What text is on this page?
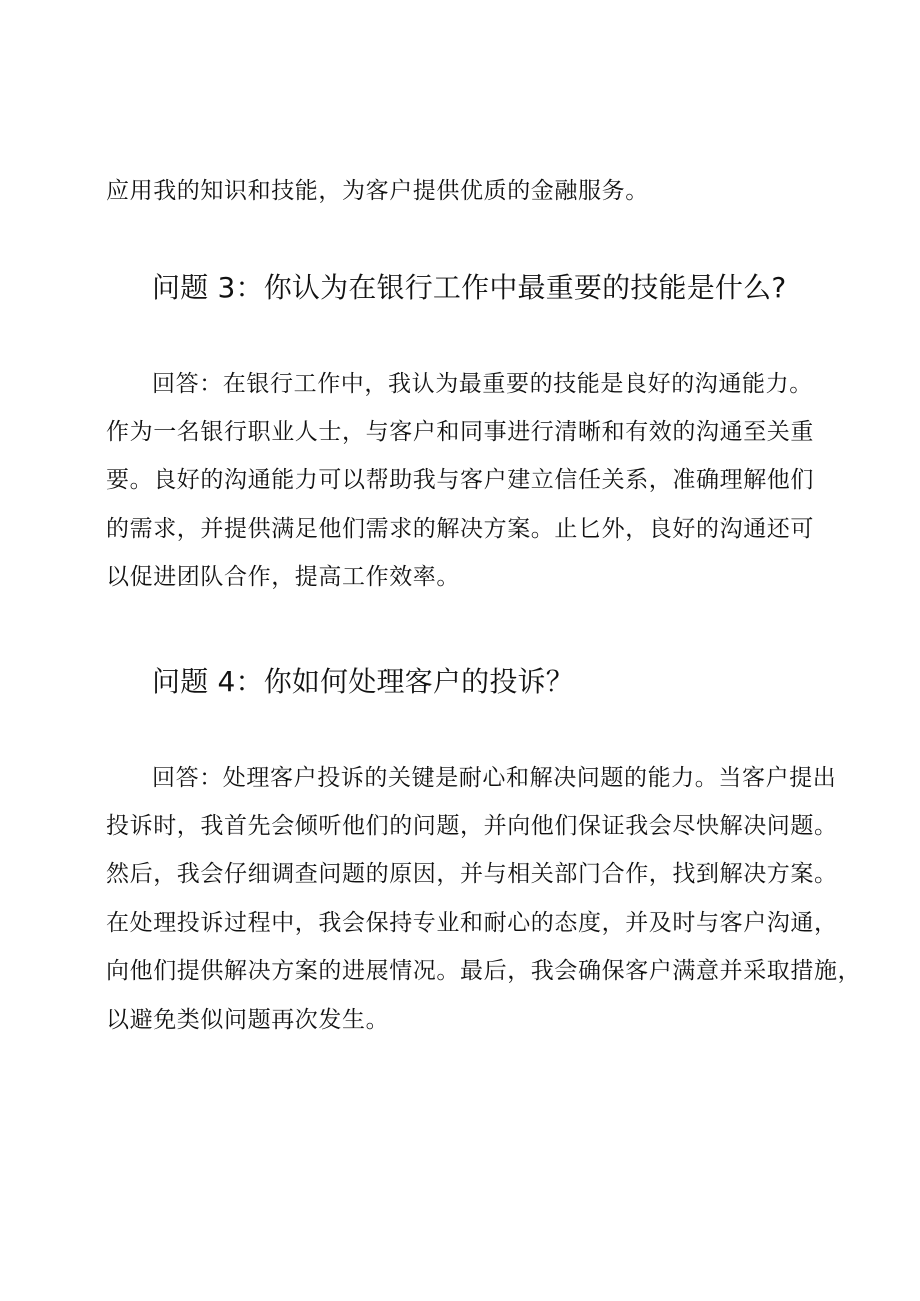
应用我的知识和技能，为客户提供优质的金融服务。
问题 3：你认为在银行工作中最重要的技能是什么?
回答：在银行工作中，我认为最重要的技能是良好的沟通能力。
作为一名银行职业人士，与客户和同事进行清晰和有效的沟通至关重
要。良好的沟通能力可以帮助我与客户建立信任关系，准确理解他们
的需求，并提供满足他们需求的解决方案。止匕外，良好的沟通还可
以促进团队合作，提高工作效率。
问题 4：你如何处理客户的投诉？
回答：处理客户投诉的关键是耐心和解决问题的能力。当客户提出
投诉时，我首先会倾听他们的问题，并向他们保证我会尽快解决问题。
然后，我会仔细调查问题的原因，并与相关部门合作，找到解决方案。
在处理投诉过程中，我会保持专业和耐心的态度，并及时与客户沟通，
向他们提供解决方案的进展情况。最后，我会确保客户满意并采取措施，
以避免类似问题再次发生。
